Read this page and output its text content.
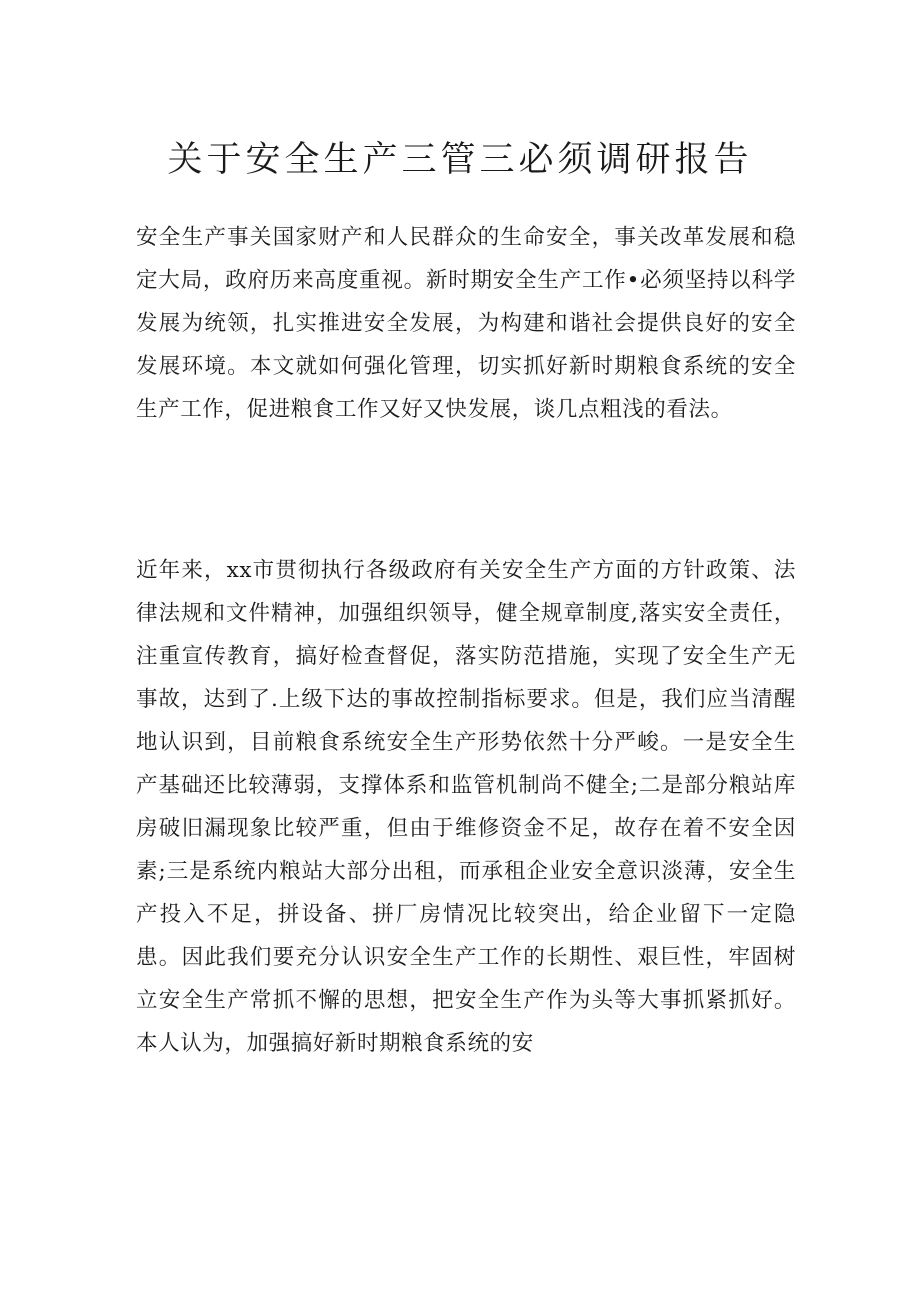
关于安全生产三管三必须调研报告

安全生产事关国家财产和人民群众的生命安全，事关改革发展和稳定大局，政府历来高度重视。新时期安全生产工作•必须坚持以科学发展为统领，扎实推进安全发展，为构建和谐社会提供良好的安全发展环境。本文就如何强化管理，切实抓好新时期粮食系统的安全生产工作，促进粮食工作又好又快发展，谈几点粗浅的看法。

近年来，xx市贯彻执行各级政府有关安全生产方面的方针政策、法律法规和文件精神，加强组织领导，健全规章制度,落实安全责任，注重宣传教育，搞好检查督促，落实防范措施，实现了安全生产无事故，达到了.上级下达的事故控制指标要求。但是，我们应当清醒地认识到，目前粮食系统安全生产形势依然十分严峻。一是安全生产基础还比较薄弱，支撑体系和监管机制尚不健全;二是部分粮站库房破旧漏现象比较严重，但由于维修资金不足，故存在着不安全因素;三是系统内粮站大部分出租，而承租企业安全意识淡薄，安全生产投入不足，拼设备、拼厂房情况比较突出，给企业留下一定隐患。因此我们要充分认识安全生产工作的长期性、艰巨性，牢固树立安全生产常抓不懈的思想，把安全生产作为头等大事抓紧抓好。本人认为，加强搞好新时期粮食系统的安
